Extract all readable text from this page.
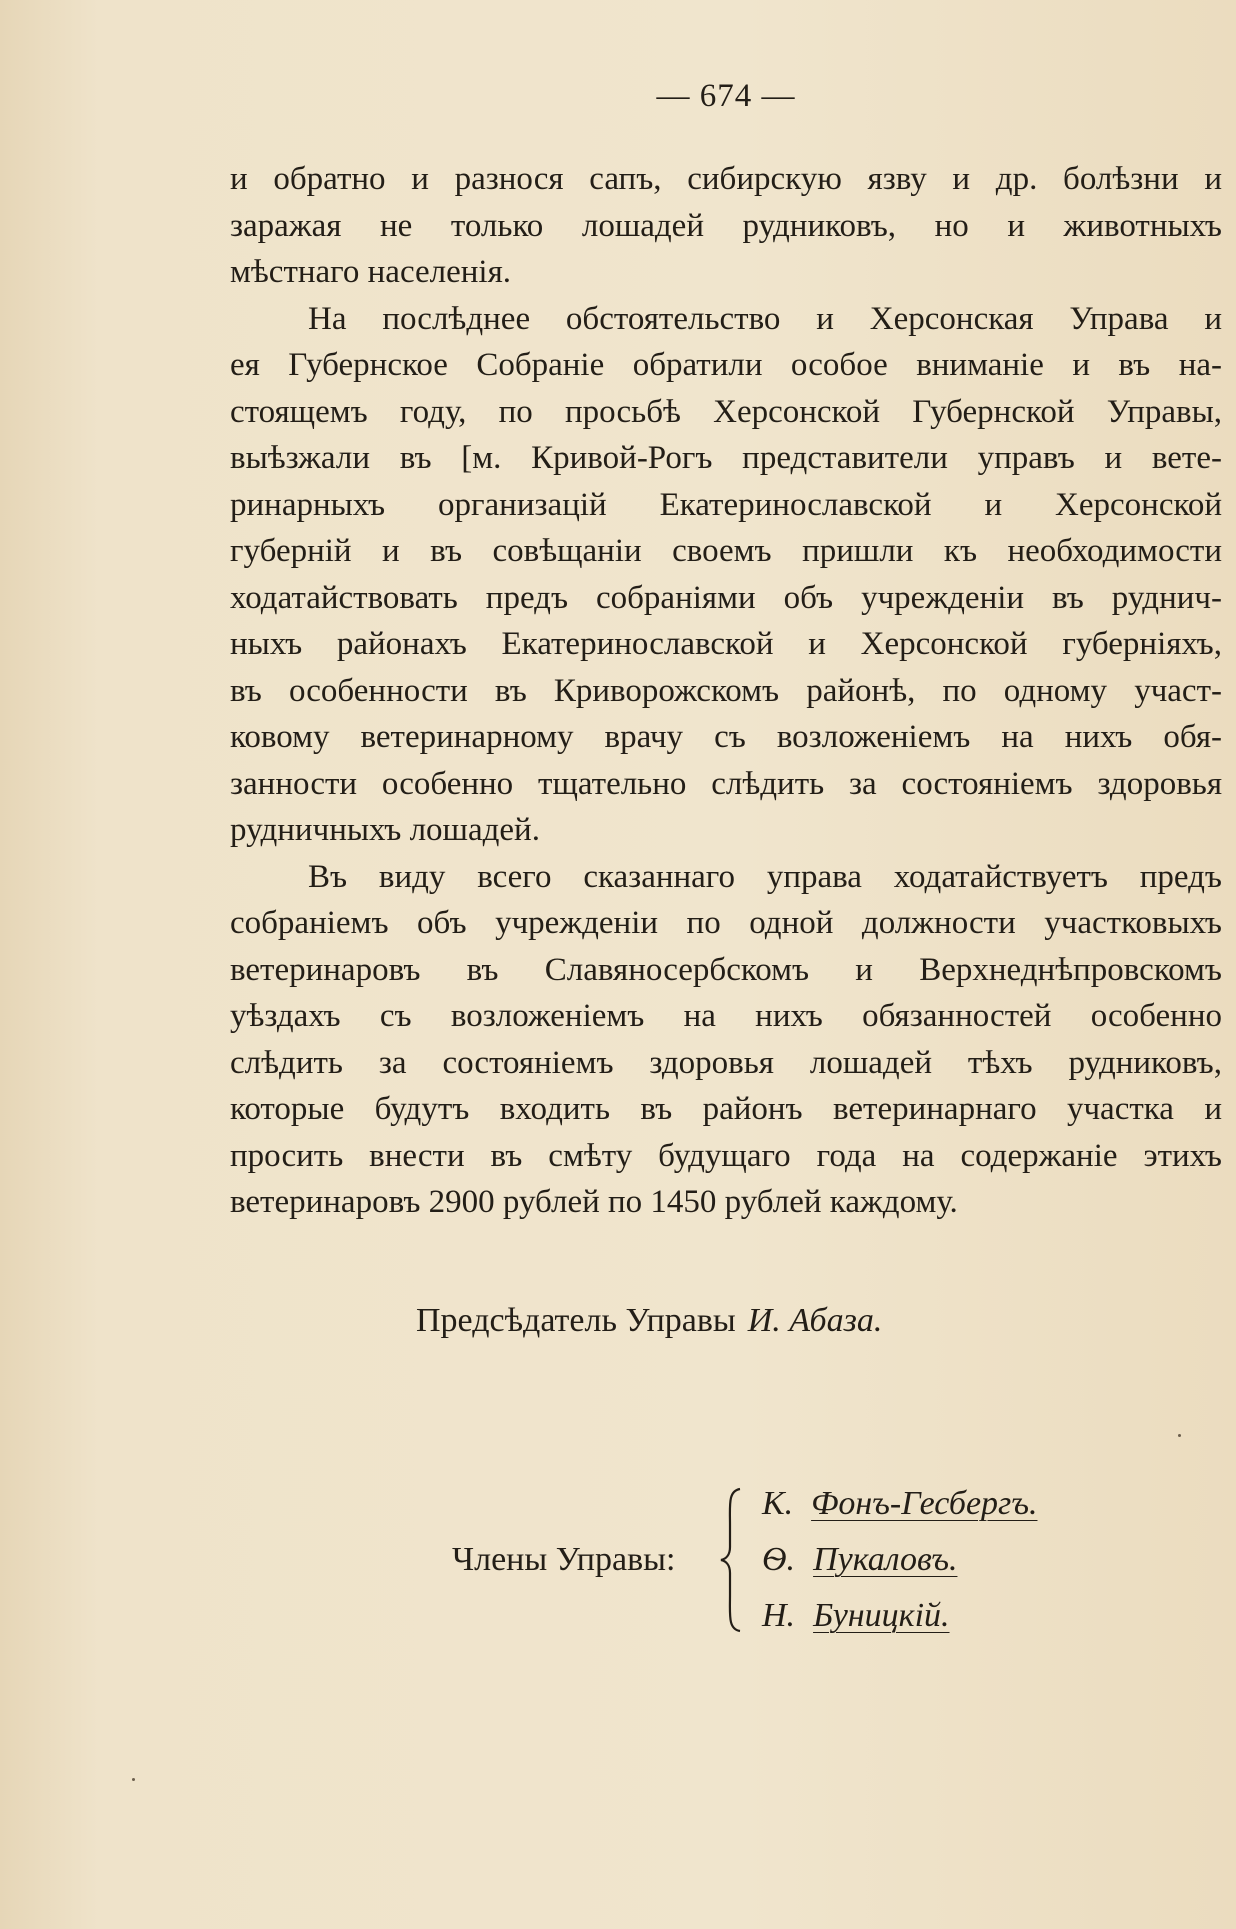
— 674 —
и обратно и разнося сапъ, сибирскую язву и др. болѣзни и
заражая не только лошадей рудниковъ, но и животныхъ
мѣстнаго населенія.
На послѣднее обстоятельство и Херсонская Управа и
ея Губернское Собраніе обратили особое вниманіе и въ на-
стоящемъ году, по просьбѣ Херсонской Губернской Управы,
выѣзжали въ [м. Кривой-Рогъ представители управъ и вете-
ринарныхъ организацій Екатеринославской и Херсонской
губерній и въ совѣщаніи своемъ пришли къ необходимости
ходатайствовать предъ собраніями объ учрежденіи въ руднич-
ныхъ районахъ Екатеринославской и Херсонской губерніяхъ,
въ особенности въ Криворожскомъ районѣ, по одному участ-
ковому ветеринарному врачу съ возложеніемъ на нихъ обя-
занности особенно тщательно слѣдить за состояніемъ здоровья
рудничныхъ лошадей.
Въ виду всего сказаннаго управа ходатайствуетъ предъ
собраніемъ объ учрежденіи по одной должности участковыхъ
ветеринаровъ въ Славяносербскомъ и Верхнеднѣпровскомъ
уѣздахъ съ возложеніемъ на нихъ обязанностей особенно
слѣдить за состояніемъ здоровья лошадей тѣхъ рудниковъ,
которые будутъ входить въ районъ ветеринарнаго участка и
просить внести въ смѣту будущаго года на содержаніе этихъ
ветеринаровъ 2900 рублей по 1450 рублей каждому.
Предсѣдатель Управы И. Абаза.
Члены Управы:
К. Фонъ-Гесбергъ.
Ѳ. Пукаловъ.
Н. Буницкій.
